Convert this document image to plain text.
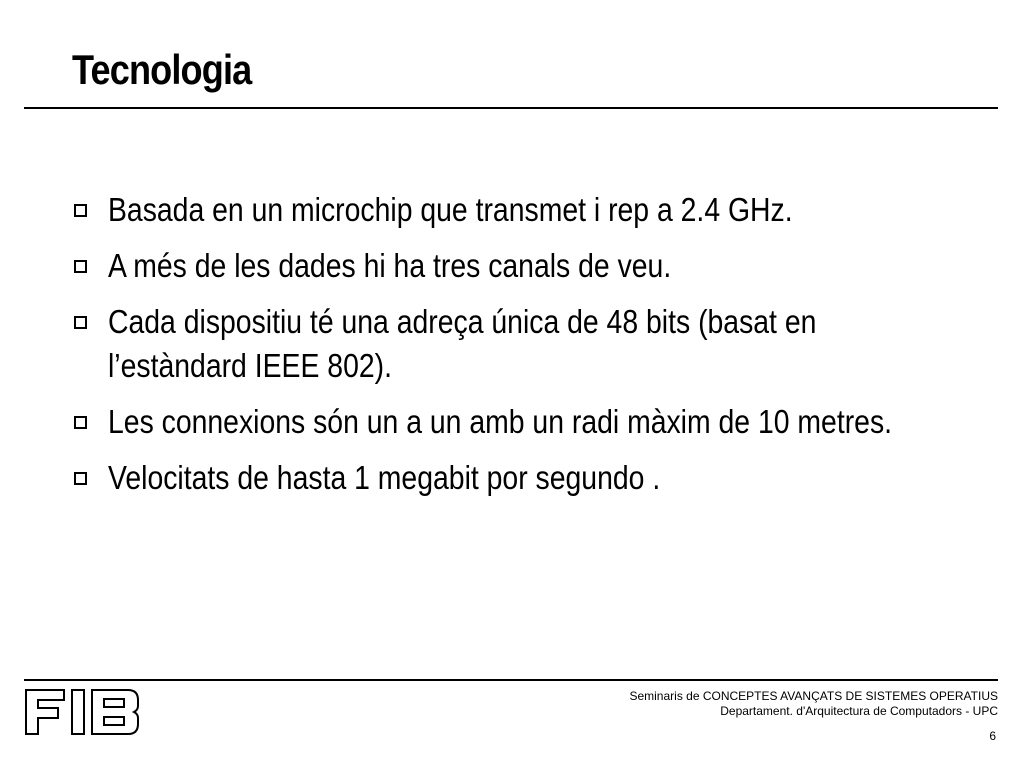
Tecnologia
Basada en un microchip que transmet i rep a 2.4 GHz.
A més de les dades hi ha tres canals de veu.
Cada dispositiu té una adreça única de 48 bits (basat en l’estàndard IEEE 802).
Les connexions són un a un amb un radi màxim de 10 metres.
Velocitats de hasta 1 megabit por segundo .
Seminaris de CONCEPTES AVANÇATS DE SISTEMES OPERATIUS
Departament. d'Arquitectura de Computadors - UPC
6
